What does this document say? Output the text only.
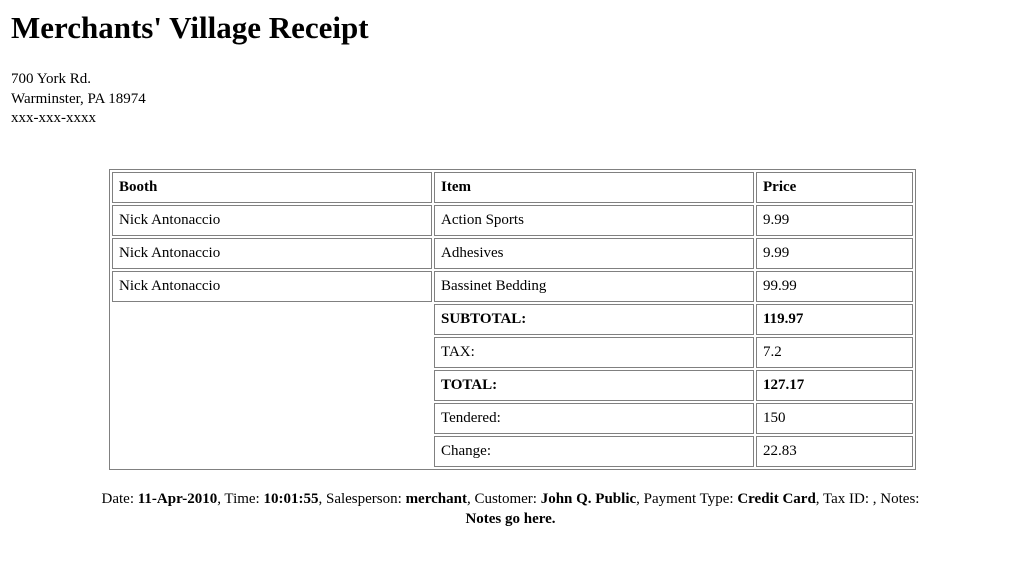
Merchants' Village Receipt
700 York Rd.
Warminster, PA 18974
xxx-xxx-xxxx
Booth	Item	Price
Nick Antonaccio	Action Sports	9.99
Nick Antonaccio	Adhesives	9.99
Nick Antonaccio	Bassinet Bedding	99.99
	SUBTOTAL:	119.97
	TAX:	7.2
	TOTAL:	127.17
	Tendered:	150
	Change:	22.83
Date: 11-Apr-2010, Time: 10:01:55, Salesperson: merchant, Customer: John Q. Public, Payment Type: Credit Card, Tax ID: , Notes:
Notes go here.
